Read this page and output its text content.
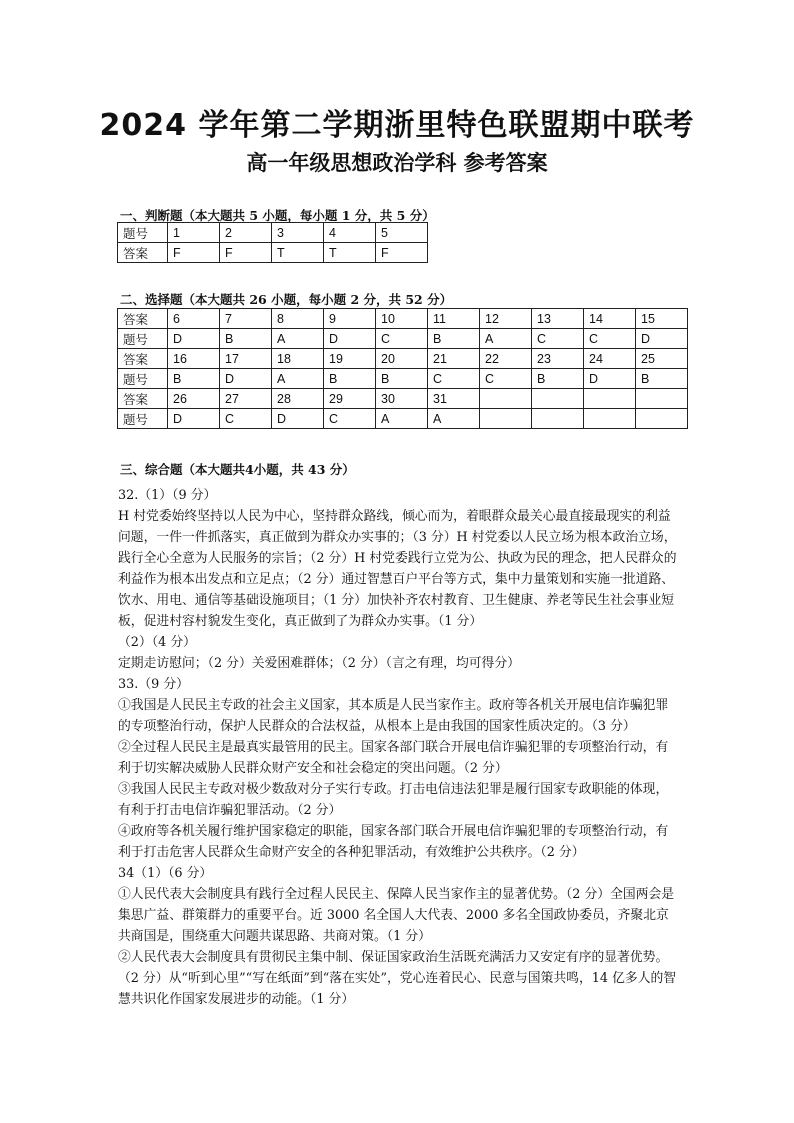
2024 学年第二学期浙里特色联盟期中联考
高一年级思想政治学科 参考答案
一、判断题（本大题共 5 小题，每小题 1 分，共 5 分）
题号	1	2	3	4	5
答案	F	F	T	T	F
二、选择题（本大题共 26 小题，每小题 2 分，共 52 分）
答案	6	7	8	9	10	11	12	13	14	15
题号	D	B	A	D	C	B	A	C	C	D
答案	16	17	18	19	20	21	22	23	24	25
题号	B	D	A	B	B	C	C	B	D	B
答案	26	27	28	29	30	31				
题号	D	C	D	C	A	A				
三、综合题（本大题共4小题，共 43 分）

32.（1）（9 分）

H 村党委始终坚持以人民为中心，坚持群众路线，倾心而为，着眼群众最关心最直接最现实的利益问题，一件一件抓落实，真正做到为群众办实事的；（3 分）H 村党委以人民立场为根本政治立场，践行全心全意为人民服务的宗旨；（2 分）H 村党委践行立党为公、执政为民的理念，把人民群众的利益作为根本出发点和立足点；（2 分）通过智慧百户平台等方式，集中力量策划和实施一批道路、饮水、用电、通信等基础设施项目；（1 分）加快补齐农村教育、卫生健康、养老等民生社会事业短板，促进村容村貌发生变化，真正做到了为群众办实事。（1 分）

（2）（4 分）

定期走访慰问；（2 分）关爱困难群体；（2 分）（言之有理，均可得分）

33.（9 分）

①我国是人民民主专政的社会主义国家，其本质是人民当家作主。政府等各机关开展电信诈骗犯罪的专项整治行动，保护人民群众的合法权益，从根本上是由我国的国家性质决定的。（3 分）

②全过程人民民主是最真实最管用的民主。国家各部门联合开展电信诈骗犯罪的专项整治行动，有利于切实解决威胁人民群众财产安全和社会稳定的突出问题。（2 分）

③我国人民民主专政对极少数敌对分子实行专政。打击电信违法犯罪是履行国家专政职能的体现，有利于打击电信诈骗犯罪活动。（2 分）

④政府等各机关履行维护国家稳定的职能，国家各部门联合开展电信诈骗犯罪的专项整治行动，有利于打击危害人民群众生命财产安全的各种犯罪活动，有效维护公共秩序。（2 分）

34（1）（6 分）

①人民代表大会制度具有践行全过程人民民主、保障人民当家作主的显著优势。（2 分）全国两会是集思广益、群策群力的重要平台。近 3000 名全国人大代表、2000 多名全国政协委员，齐聚北京共商国是，围绕重大问题共谋思路、共商对策。（1 分）

②人民代表大会制度具有贯彻民主集中制、保证国家政治生活既充满活力又安定有序的显著优势。（2 分）从“听到心里”“写在纸面”到“落在实处”，党心连着民心、民意与国策共鸣，14 亿多人的智慧共识化作国家发展进步的动能。（1 分）
